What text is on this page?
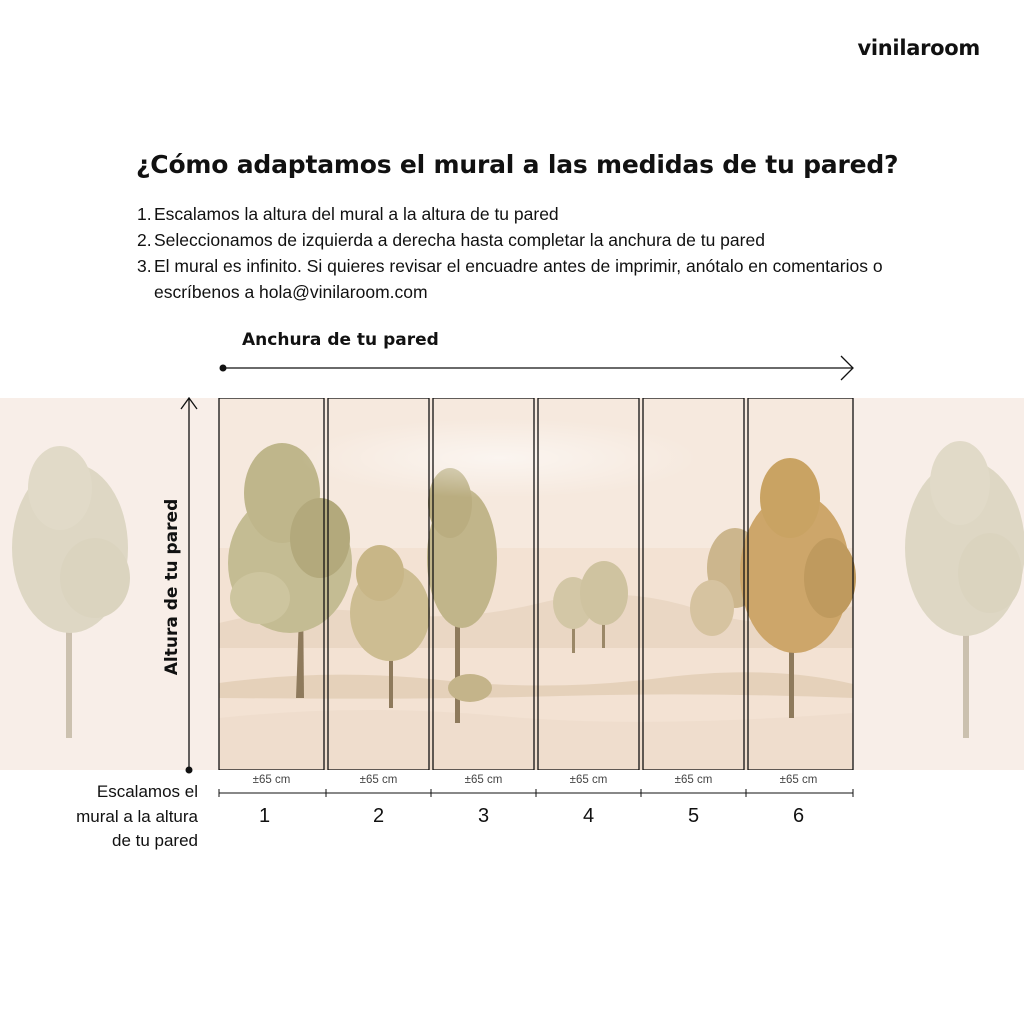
vinilaroom
¿Cómo adaptamos el mural a las medidas de tu pared?
1. Escalamos la altura del mural a la altura de tu pared
2. Seleccionamos de izquierda a derecha hasta completar la anchura de tu pared
3. El mural es infinito. Si quieres revisar el encuadre antes de imprimir, anótalo en comentarios o escríbenos a hola@vinilaroom.com
Anchura de tu pared
Altura de tu pared
±65 cm	±65 cm	±65 cm	±65 cm	±65 cm	±65 cm
1	2	3	4	5	6
Escalamos el mural a la altura de tu pared
